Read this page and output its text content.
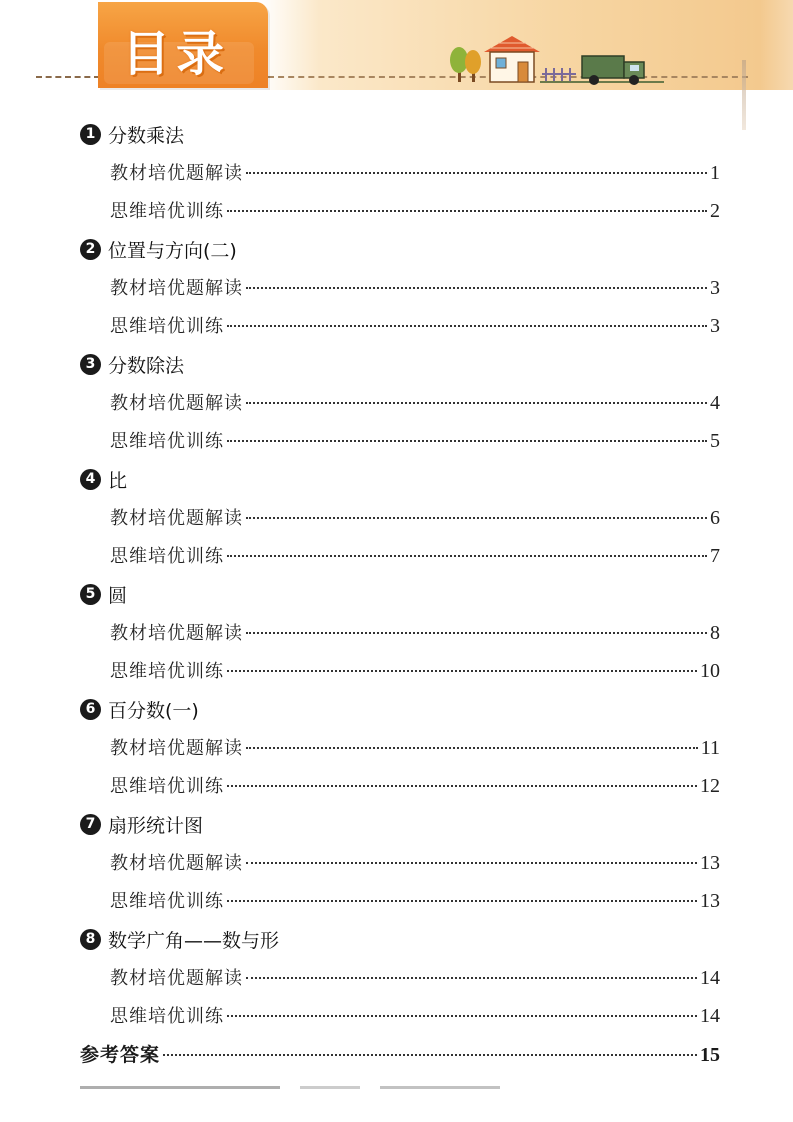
目录
1 分数乘法
教材培优题解读	1
思维培优训练	2
2 位置与方向(二)
教材培优题解读	3
思维培优训练	3
3 分数除法
教材培优题解读	4
思维培优训练	5
4 比
教材培优题解读	6
思维培优训练	7
5 圆
教材培优题解读	8
思维培优训练	10
6 百分数(一)
教材培优题解读	11
思维培优训练	12
7 扇形统计图
教材培优题解读	13
思维培优训练	13
8 数学广角——数与形
教材培优题解读	14
思维培优训练	14
参考答案	15
